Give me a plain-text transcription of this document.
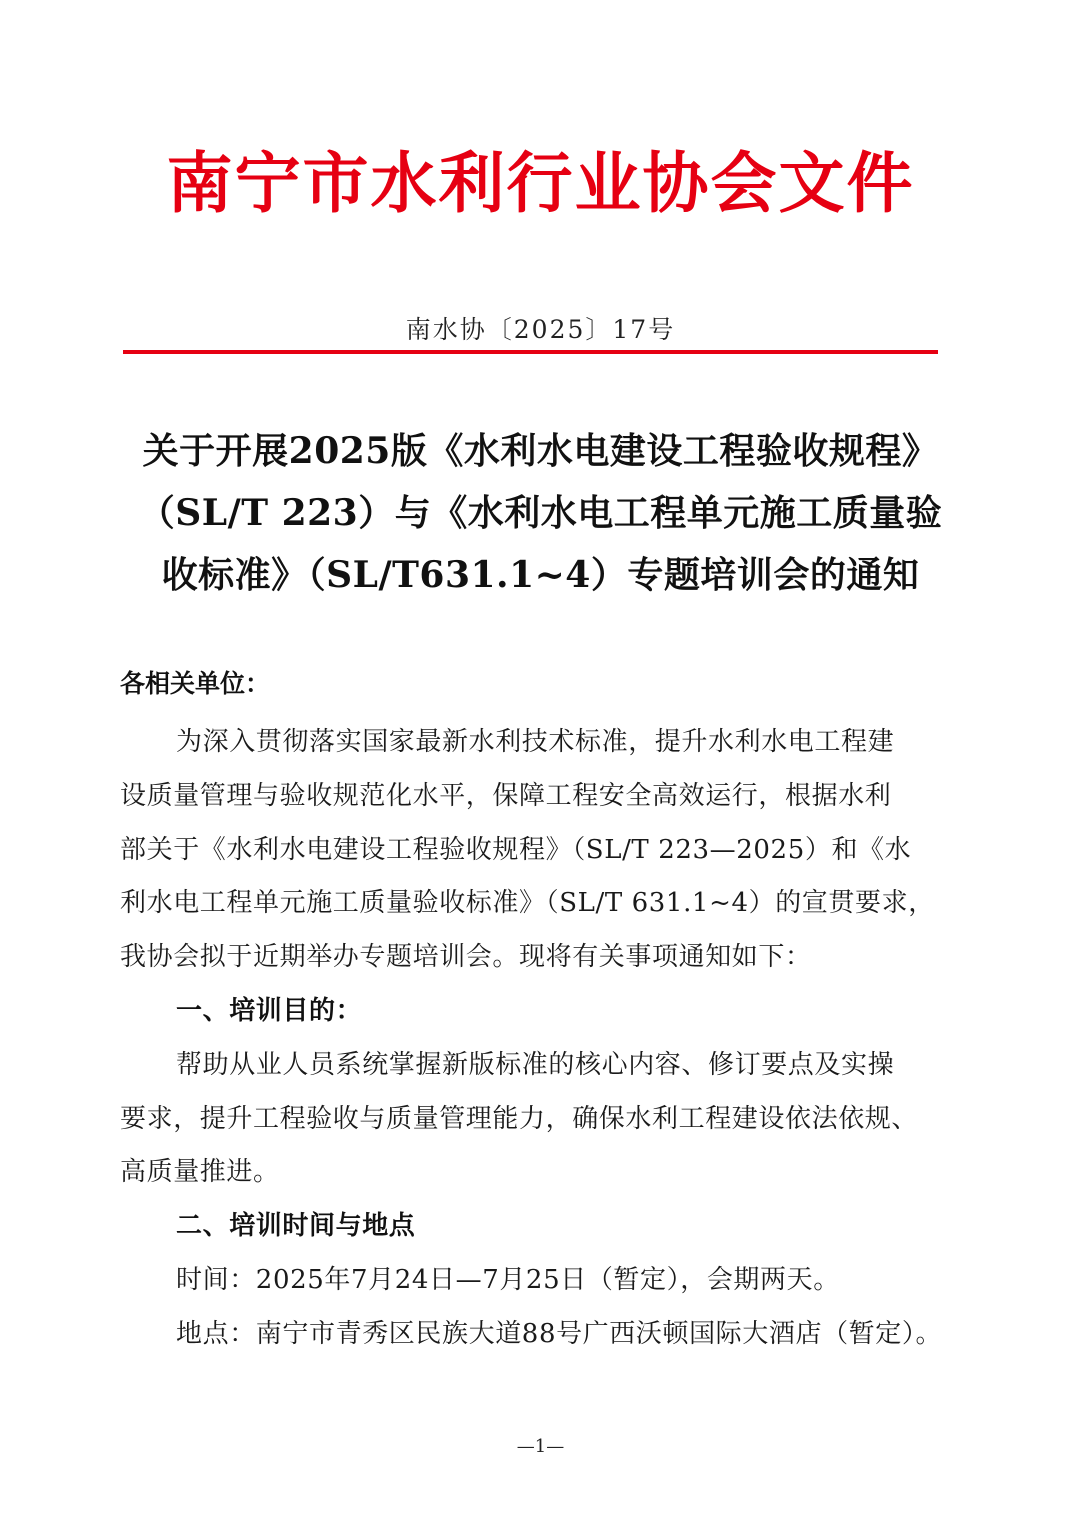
南宁市水利行业协会文件
南水协〔2025〕17号
关于开展2025版《水利水电建设工程验收规程》
（SL/T 223）与《水利水电工程单元施工质量验
收标准》（SL/T631.1~4）专题培训会的通知
各相关单位：
为深入贯彻落实国家最新水利技术标准，提升水利水电工程建
设质量管理与验收规范化水平，保障工程安全高效运行，根据水利
部关于《水利水电建设工程验收规程》（SL/T 223—2025）和《水
利水电工程单元施工质量验收标准》（SL/T 631.1~4）的宣贯要求，
我协会拟于近期举办专题培训会。现将有关事项通知如下：
一、培训目的：
帮助从业人员系统掌握新版标准的核心内容、修订要点及实操
要求，提升工程验收与质量管理能力，确保水利工程建设依法依规、
高质量推进。
二、培训时间与地点
时间：2025年7月24日—7月25日（暂定），会期两天。
地点：南宁市青秀区民族大道88号广西沃顿国际大酒店（暂定）。
—1—
